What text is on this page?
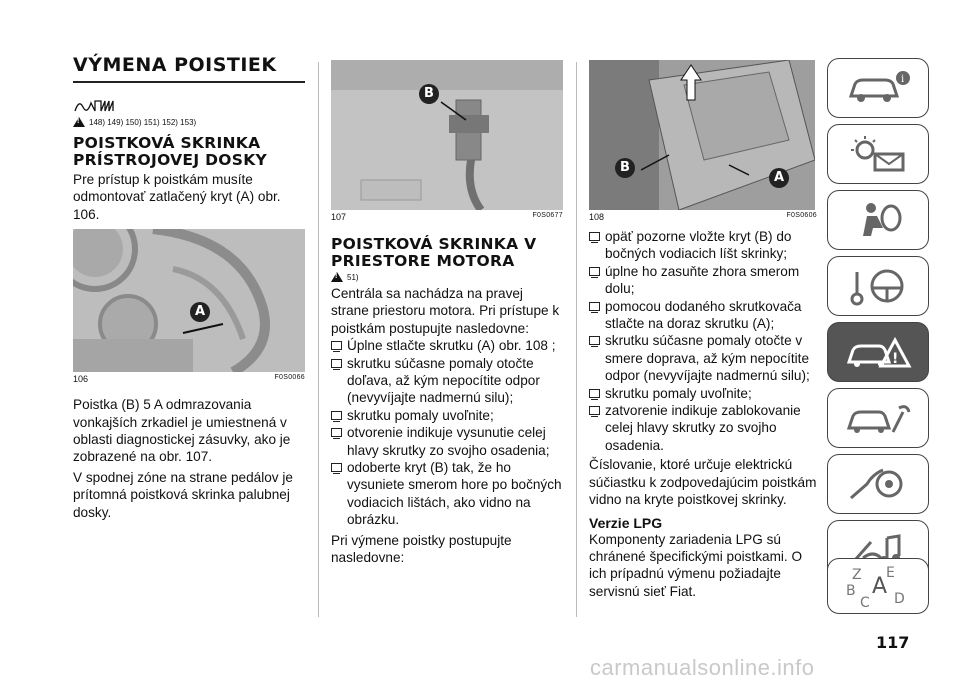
VÝMENA POISTIEK
!
148) 149) 150) 151) 152) 153)
POISTKOVÁ SKRINKA PRÍSTROJOVEJ DOSKY
Pre prístup k poistkám musíte odmontovať zatlačený kryt (A) obr. 106.
A
106	F0S0066
Poistka (B) 5 A odmrazovania vonkajších zrkadiel je umiestnená v oblasti diagnostickej zásuvky, ako je zobrazené na obr. 107.
V spodnej zóne na strane pedálov je prítomná poistková skrinka palubnej dosky.
B
107	F0S0677
POISTKOVÁ SKRINKA V PRIESTORE MOTORA
!
51)
Centrála sa nachádza na pravej strane priestoru motora. Pri prístupe k poistkám postupujte nasledovne:
Úplne stlačte skrutku (A) obr. 108 ;
skrutku súčasne pomaly otočte doľava, až kým nepocítite odpor (nevyvíjajte nadmernú silu);
skrutku pomaly uvoľnite;
otvorenie indikuje vysunutie celej hlavy skrutky zo svojho osadenia;
odoberte kryt (B) tak, že ho vysuniete smerom hore po bočných vodiacich lištách, ako vidno na obrázku.
Pri výmene poistky postupujte nasledovne:
B
A
108	F0S0606
opäť pozorne vložte kryt (B) do bočných vodiacich líšt skrinky;
úplne ho zasuňte zhora smerom dolu;
pomocou dodaného skrutkovača stlačte na doraz skrutku (A);
skrutku súčasne pomaly otočte v smere doprava, až kým nepocítite odpor (nevyvíjajte nadmernú silu);
skrutku pomaly uvoľnite;
zatvorenie indikuje zablokovanie celej hlavy skrutky zo svojho osadenia.
Číslovanie, ktoré určuje elektrickú súčiastku k zodpovedajúcim poistkám vidno na kryte poistkovej skrinky.
Verzie LPG
Komponenty zariadenia LPG sú chránené špecifickými poistkami. O ich prípadnú výmenu požiadajte servisnú sieť Fiat.
i
!
Z E
B A
C D
117
carmanualsonline.info
